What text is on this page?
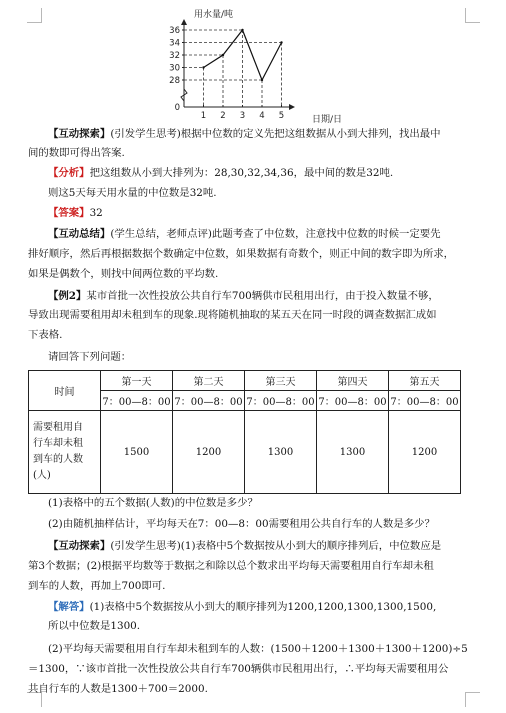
0
28
30
32
34
36
1 2 3 4 5
用水量/吨
日期/日
【互动探索】(引发学生思考)根据中位数的定义先把这组数据从小到大排列，找出最中
间的数即可得出答案.
【分析】把这组数从小到大排列为：28,30,32,34,36，最中间的数是32吨.
则这5天每天用水量的中位数是32吨.
【答案】32
【互动总结】(学生总结，老师点评)此题考查了中位数，注意找中位数的时候一定要先
排好顺序，然后再根据数据个数确定中位数，如果数据有奇数个，则正中间的数字即为所求，
如果是偶数个，则找中间两位数的平均数.
【例2】某市首批一次性投放公共自行车700辆供市民租用出行，由于投入数量不够，
导致出现需要租用却未租到车的现象.现将随机抽取的某五天在同一时段的调查数据汇成如
下表格.
请回答下列问题：
时间	第一天	第二天	第三天	第四天	第五天
	7：00—8：00	7：00—8：00	7：00—8：00	7：00—8：00	7：00—8：00

需要租用自
行车却未租
到车的人数
(人)	1500	1200	1300	1300	1200
(1)表格中的五个数据(人数)的中位数是多少？
(2)由随机抽样估计，平均每天在7：00—8：00需要租用公共自行车的人数是多少？
【互动探索】(引发学生思考)(1)表格中5个数据按从小到大的顺序排列后，中位数应是
第3个数据；(2)根据平均数等于数据之和除以总个数求出平均每天需要租用自行车却未租
到车的人数，再加上700即可.
【解答】(1)表格中5个数据按从小到大的顺序排列为1200,1200,1300,1300,1500,
所以中位数是1300.
(2)平均每天需要租用自行车却未租到车的人数：(1500＋1200＋1300＋1300＋1200)÷5
＝1300，∵该市首批一次性投放公共自行车700辆供市民租用出行，∴平均每天需要租用公
共自行车的人数是1300＋700＝2000.
